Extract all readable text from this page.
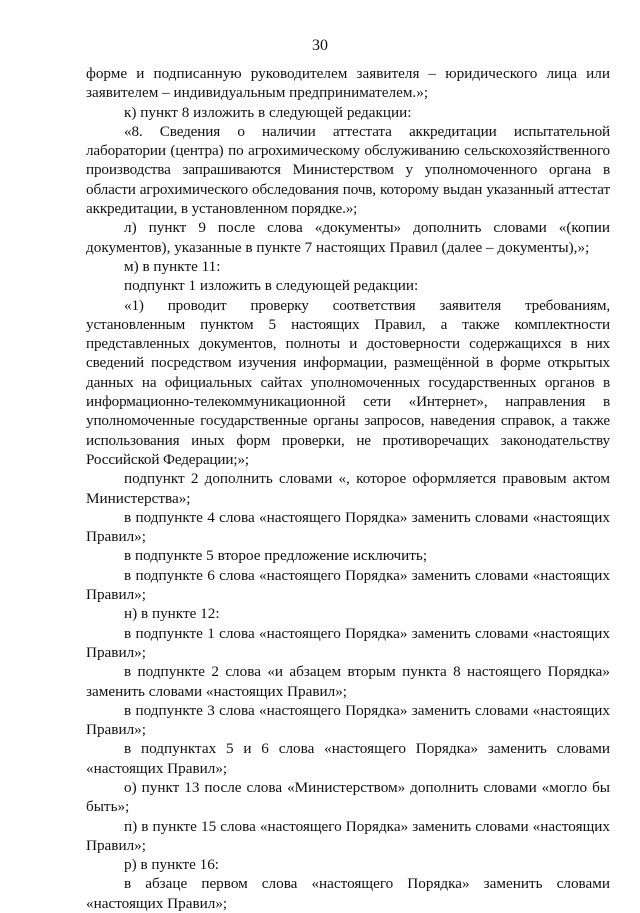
30

форме и подписанную руководителем заявителя – юридического лица или заявителем – индивидуальным предпринимателем.»;

к) пункт 8 изложить в следующей редакции:

«8. Сведения о наличии аттестата аккредитации испытательной лаборатории (центра) по агрохимическому обслуживанию сельскохозяйственного производства запрашиваются Министерством у уполномоченного органа в области агрохимического обследования почв, которому выдан указанный аттестат аккредитации, в установленном порядке.»;

л) пункт 9 после слова «документы» дополнить словами «(копии документов), указанные в пункте 7 настоящих Правил (далее – документы),»;

м) в пункте 11:

подпункт 1 изложить в следующей редакции:

«1) проводит проверку соответствия заявителя требованиям, установленным пунктом 5 настоящих Правил, а также комплектности представленных документов, полноты и достоверности содержащихся в них сведений посредством изучения информации, размещённой в форме открытых данных на официальных сайтах уполномоченных государственных органов в информационно-телекоммуникационной сети «Интернет», направления в уполномоченные государственные органы запросов, наведения справок, а также использования иных форм проверки, не противоречащих законодательству Российской Федерации;»;

подпункт 2 дополнить словами «, которое оформляется правовым актом Министерства»;

в подпункте 4 слова «настоящего Порядка» заменить словами «настоящих Правил»;

в подпункте 5 второе предложение исключить;

в подпункте 6 слова «настоящего Порядка» заменить словами «настоящих Правил»;

н) в пункте 12:

в подпункте 1 слова «настоящего Порядка» заменить словами «настоящих Правил»;

в подпункте 2 слова «и абзацем вторым пункта 8 настоящего Порядка» заменить словами «настоящих Правил»;

в подпункте 3 слова «настоящего Порядка» заменить словами «настоящих Правил»;

в подпунктах 5 и 6 слова «настоящего Порядка» заменить словами «настоящих Правил»;

о) пункт 13 после слова «Министерством» дополнить словами «могло бы быть»;

п) в пункте 15 слова «настоящего Порядка» заменить словами «настоящих Правил»;

р) в пункте 16:

в абзаце первом слова «настоящего Порядка» заменить словами «настоящих Правил»;
